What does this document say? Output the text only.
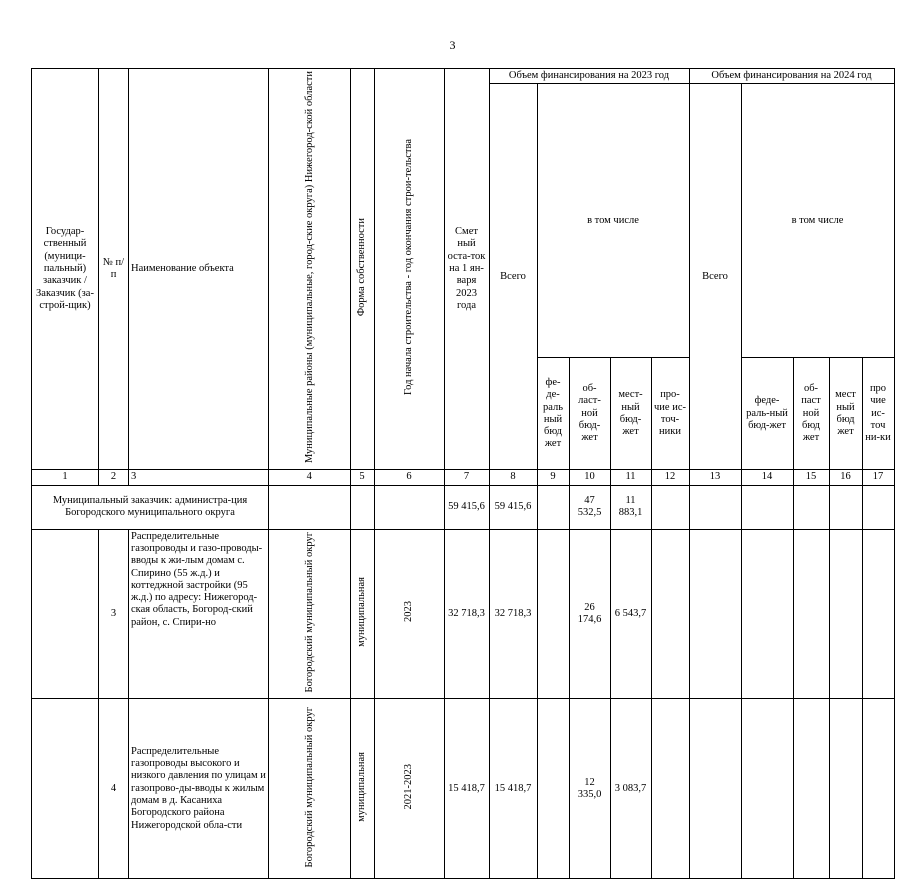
3
Государ-ственный (муници-пальный) заказчик / Заказчик (за-строй-щик)	№ п/п	Наименование объекта	Муниципальные районы (муниципальные, город-ские округа) Нижегород-ской области	Форма собственности	Год начала строительства - год окончания строи-тельства	Смет ный оста-ток на 1 ян-варя 2023 года	Объем финансирования на 2023 год					Объем финансирования на 2024 год				
							Всего	в том числе				Всего	в том числе			
								фе-де-раль ный бюд жет	об-ласт-ной бюд-жет	мест-ный бюд-жет	про-чие ис-точ-ники		феде-раль-ный бюд-жет	об-паст ной бюд жет	мест ный бюд жет	про чие ис-точ ни-ки
1	2	3	4	5	6	7	8	9	10	11	12	13	14	15	16	17
Муниципальный заказчик: администра-ция Богородского муниципального округа						59 415,6	59 415,6		47 532,5	11 883,1						
	3	Распределительные газопроводы и газо-проводы-вводы к жи-лым домам с. Спирино (55 ж.д.) и коттеджной застройки (95 ж.д.) по адресу: Нижегород-ская область, Богород-ский район, с. Спири-но	Богородский муниципальный округ	муниципальная	2023	32 718,3	32 718,3		26 174,6	6 543,7						
	4	Распределительные газопроводы высокого и низкого давления по улицам и газопрово-ды-вводы к жилым домам в д. Касаниха Богородского района Нижегородской обла-сти	Богородский муниципальный округ	муниципальная	2021-2023	15 418,7	15 418,7		12 335,0	3 083,7						
